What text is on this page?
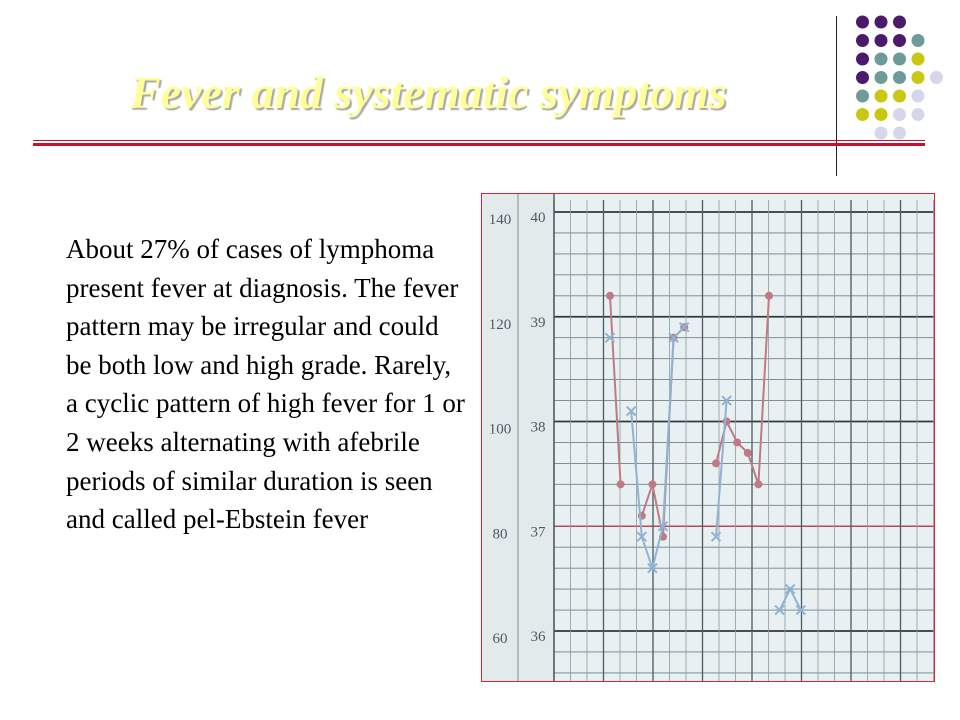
Fever and systematic symptoms

About 27% of cases of lymphoma present fever at diagnosis. The fever pattern may be irregular and could be both low and high grade. Rarely, a cyclic pattern of high fever for 1 or 2 weeks alternating with afebrile periods of similar duration is seen and called pel-Ebstein fever

140
120
100
80
60
40
39
38
37
36
